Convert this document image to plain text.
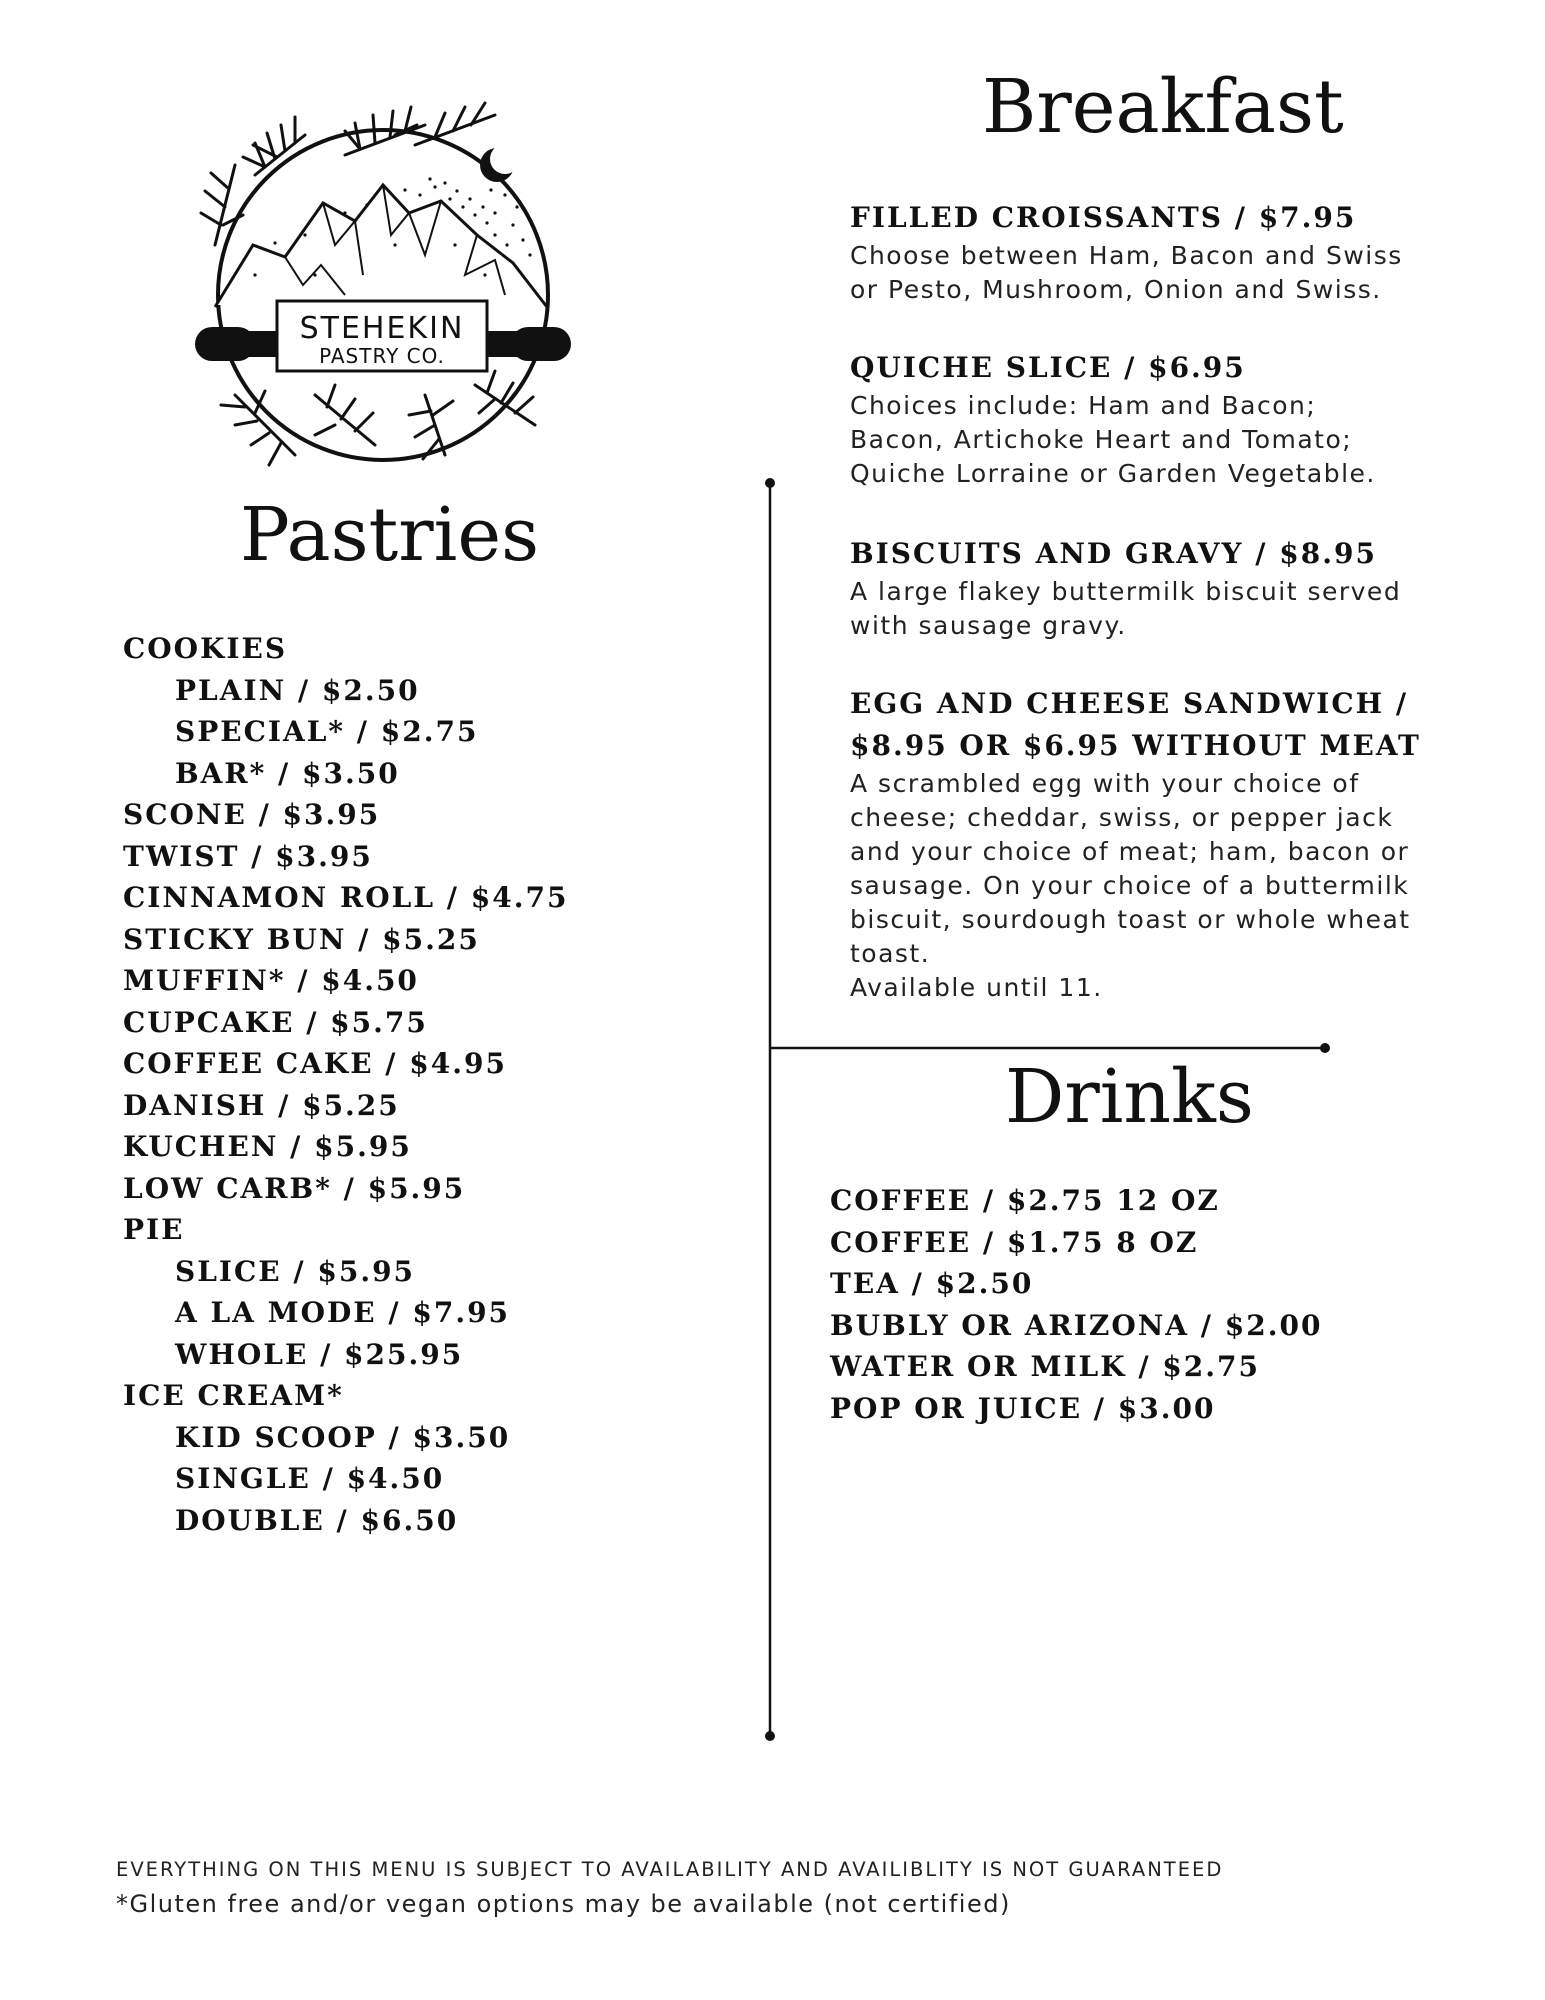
STEHEKIN
PASTRY CO.
Pastries
COOKIES
PLAIN / $2.50
SPECIAL* / $2.75
BAR* / $3.50
SCONE / $3.95
TWIST / $3.95
CINNAMON ROLL / $4.75
STICKY BUN / $5.25
MUFFIN* / $4.50
CUPCAKE / $5.75
COFFEE CAKE / $4.95
DANISH / $5.25
KUCHEN / $5.95
LOW CARB* / $5.95
PIE
SLICE / $5.95
A LA MODE / $7.95
WHOLE / $25.95
ICE CREAM*
KID SCOOP / $3.50
SINGLE / $4.50
DOUBLE / $6.50
Breakfast
FILLED CROISSANTS / $7.95
Choose between Ham, Bacon and Swiss
or Pesto, Mushroom, Onion and Swiss.
QUICHE SLICE / $6.95
Choices include: Ham and Bacon;
Bacon, Artichoke Heart and Tomato;
Quiche Lorraine or Garden Vegetable.
BISCUITS AND GRAVY / $8.95
A large flakey buttermilk biscuit served
with sausage gravy.
EGG AND CHEESE SANDWICH /
$8.95 OR $6.95 WITHOUT MEAT
A scrambled egg with your choice of
cheese; cheddar, swiss, or pepper jack
and your choice of meat; ham, bacon or
sausage. On your choice of a buttermilk
biscuit, sourdough toast or whole wheat
toast.
Available until 11.
Drinks
COFFEE / $2.75 12 OZ
COFFEE / $1.75 8 OZ
TEA / $2.50
BUBLY OR ARIZONA / $2.00
WATER OR MILK / $2.75
POP OR JUICE / $3.00
EVERYTHING ON THIS MENU IS SUBJECT TO AVAILABILITY AND AVAILIBLITY IS NOT GUARANTEED
*Gluten free and/or vegan options may be available (not certified)
